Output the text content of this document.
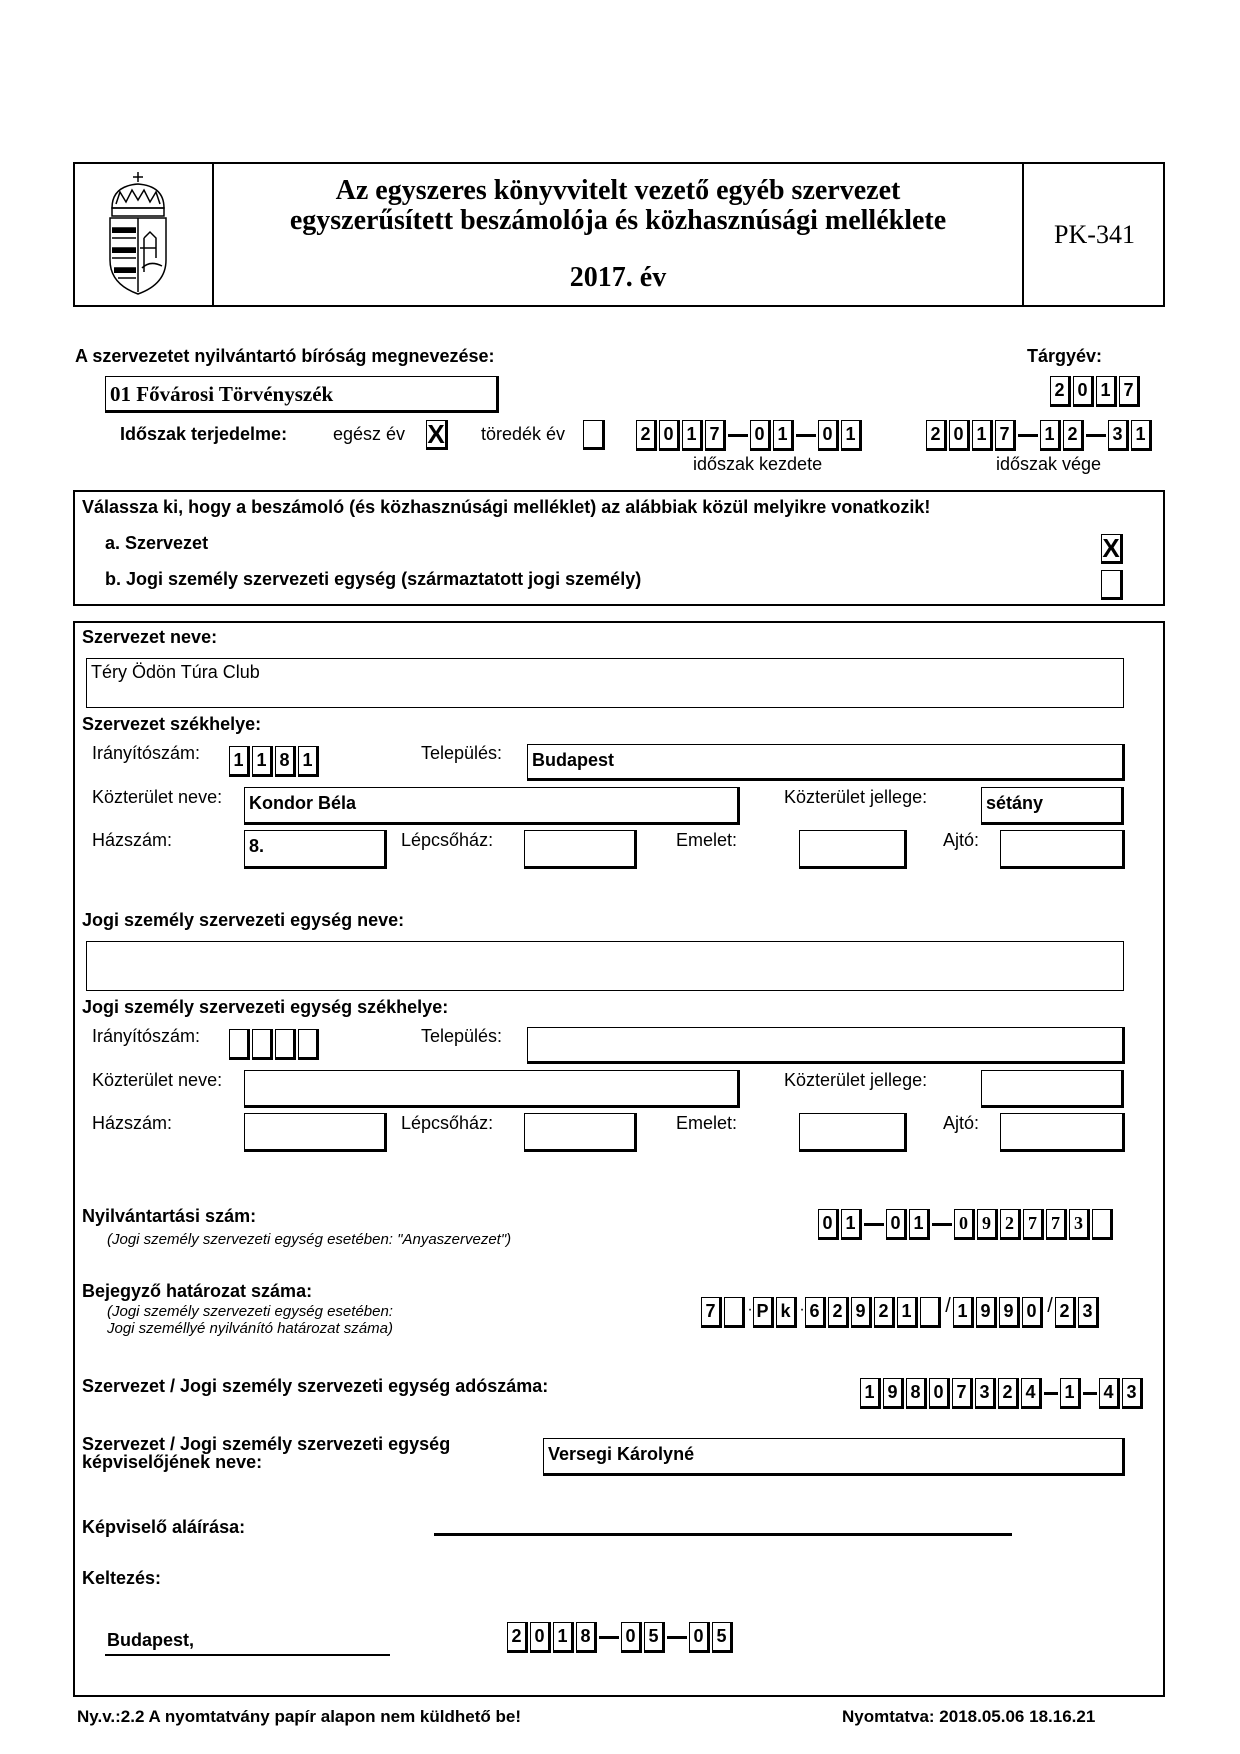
Az egyszeres könyvvitelt vezető egyéb szervezet
egyszerűsített beszámolója és közhasznúsági melléklete
2017. év
PK-341
A szervezetet nyilvántartó bíróság megnevezése:
01 Fővárosi Törvényszék
Tárgyév:
2 0 1 7
Időszak terjedelme:	egész év X töredék év	2 0 1 7	0 1	0 1
időszak kezdete
2 0 1 7	1 2	3 1
időszak vége
Válassza ki, hogy a beszámoló (és közhasznúsági melléklet) az alábbiak közül melyikre vonatkozik!
a. Szervezet	X
b. Jogi személy szervezeti egység (származtatott jogi személy)
Szervezet neve:
Téry Ödön Túra Club
Szervezet székhelye:
Irányítószám: 1 1 8 1	Település: Budapest
Közterület neve: Kondor Béla	Közterület jellege:	sétány
Házszám:	8.	Lépcsőház:	Emelet:	Ajtó:
Jogi személy szervezeti egység neve:
Jogi személy szervezeti egység székhelye:
Irányítószám:	Település:
Közterület neve:	Közterület jellege:
Házszám:	Lépcsőház:	Emelet:	Ajtó:
Nyilvántartási szám:
(Jogi személy szervezeti egység esetében: "Anyaszervezet")
0 1	0 1	0 9 2 7 7 3
Bejegyző határozat száma:
(Jogi személy szervezeti egység esetében:
Jogi személlyé nyilvánító határozat száma)
7	· P k · 6 2 9 2 1	/ 1 9 9 0 / 2 3
Szervezet / Jogi személy szervezeti egység adószáma:	1 9 8 0 7 3 2 4	1	4 3
Szervezet / Jogi személy szervezeti egység
képviselőjének neve:	Versegi Károlyné
Képviselő aláírása:
Keltezés:
Budapest,	2 0 1 8	0 5	0 5
Ny.v.:2.2 A nyomtatvány papír alapon nem küldhető be!	Nyomtatva: 2018.05.06 18.16.21
